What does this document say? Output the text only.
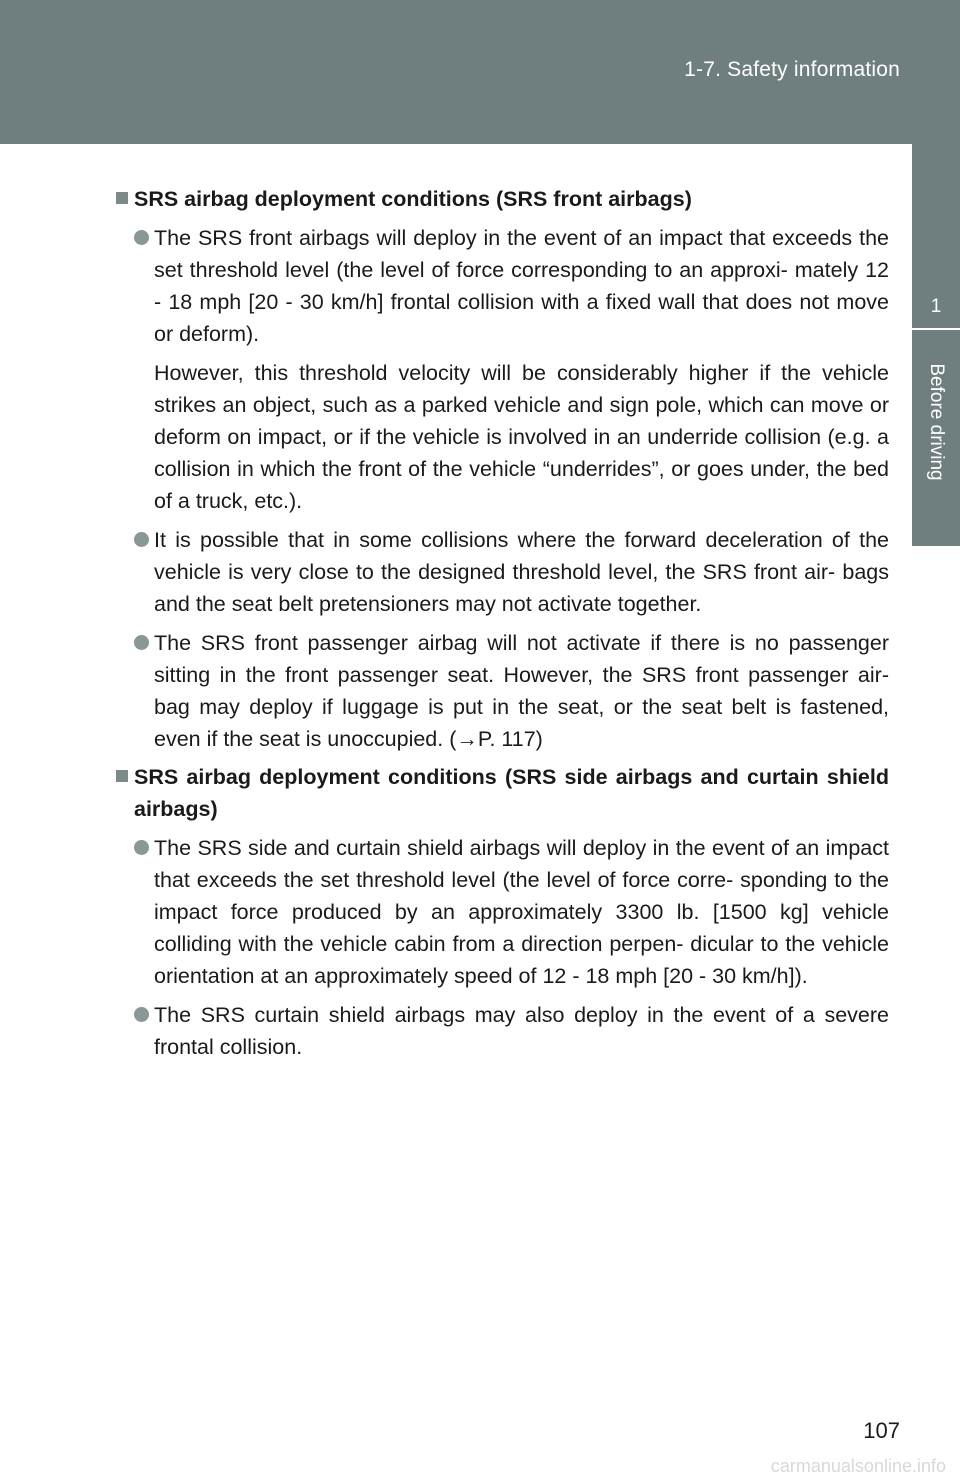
1-7. Safety information
1
Before driving
SRS airbag deployment conditions (SRS front airbags)
The SRS front airbags will deploy in the event of an impact that exceeds the set threshold level (the level of force corresponding to an approxi- mately 12 - 18 mph [20 - 30 km/h] frontal collision with a fixed wall that does not move or deform).
However, this threshold velocity will be considerably higher if the vehicle strikes an object, such as a parked vehicle and sign pole, which can move or deform on impact, or if the vehicle is involved in an underride collision (e.g. a collision in which the front of the vehicle “underrides”, or goes under, the bed of a truck, etc.).
It is possible that in some collisions where the forward deceleration of the vehicle is very close to the designed threshold level, the SRS front air- bags and the seat belt pretensioners may not activate together.
The SRS front passenger airbag will not activate if there is no passenger sitting in the front passenger seat. However, the SRS front passenger air- bag may deploy if luggage is put in the seat, or the seat belt is fastened, even if the seat is unoccupied. (→P. 117)
SRS airbag deployment conditions (SRS side airbags and curtain shield airbags)
The SRS side and curtain shield airbags will deploy in the event of an impact that exceeds the set threshold level (the level of force corre- sponding to the impact force produced by an approximately 3300 lb. [1500 kg] vehicle colliding with the vehicle cabin from a direction perpen- dicular to the vehicle orientation at an approximately speed of 12 - 18 mph [20 - 30 km/h]).
The SRS curtain shield airbags may also deploy in the event of a severe frontal collision.
107
carmanualsonline.info
